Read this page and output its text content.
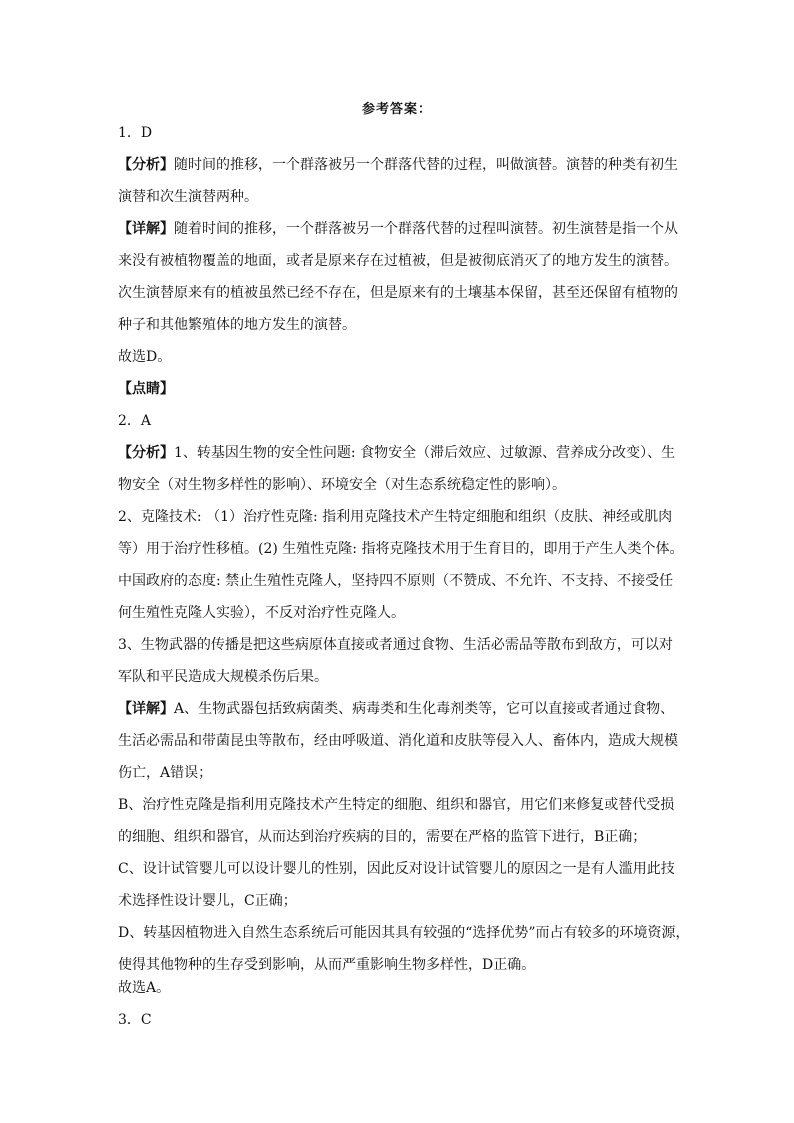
参考答案：
1．D
【分析】随时间的推移，一个群落被另一个群落代替的过程，叫做演替。演替的种类有初生
演替和次生演替两种。
【详解】随着时间的推移，一个群落被另一个群落代替的过程叫演替。初生演替是指一个从
来没有被植物覆盖的地面，或者是原来存在过植被，但是被彻底消灭了的地方发生的演替。
次生演替原来有的植被虽然已经不存在，但是原来有的土壤基本保留，甚至还保留有植物的
种子和其他繁殖体的地方发生的演替。
故选D。
【点睛】
2．A
【分析】1、转基因生物的安全性问题: 食物安全（滞后效应、过敏源、营养成分改变）、生
物安全（对生物多样性的影响）、环境安全（对生态系统稳定性的影响）。
2、克隆技术: （1）治疗性克隆: 指利用克隆技术产生特定细胞和组织（皮肤、神经或肌肉
等）用于治疗性移植。(2) 生殖性克隆: 指将克隆技术用于生育目的，即用于产生人类个体。
中国政府的态度: 禁止生殖性克隆人，坚持四不原则（不赞成、不允许、不支持、不接受任
何生殖性克隆人实验），不反对治疗性克隆人。
3、生物武器的传播是把这些病原体直接或者通过食物、生活必需品等散布到敌方，可以对
军队和平民造成大规模杀伤后果。
【详解】A、生物武器包括致病菌类、病毒类和生化毒剂类等，它可以直接或者通过食物、
生活必需品和带菌昆虫等散布，经由呼吸道、消化道和皮肤等侵入人、畜体内，造成大规模
伤亡，A错误；
B、治疗性克隆是指利用克隆技术产生特定的细胞、组织和器官，用它们来修复或替代受损
的细胞、组织和器官，从而达到治疗疾病的目的，需要在严格的监管下进行，B正确；
C、设计试管婴儿可以设计婴儿的性别，因此反对设计试管婴儿的原因之一是有人滥用此技
术选择性设计婴儿，C正确；
D、转基因植物进入自然生态系统后可能因其具有较强的“选择优势”而占有较多的环境资源，
使得其他物种的生存受到影响，从而严重影响生物多样性，D正确。
故选A。
3．C
